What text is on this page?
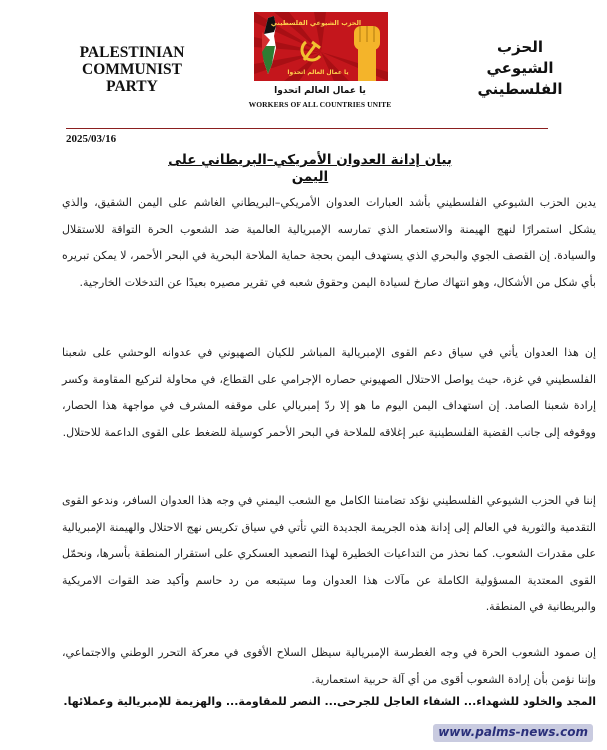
PALESTINIAN COMMUNIST PARTY
الحزب الشيوعي الفلسطيني
يا عمال العالم اتحدوا
الحزب الشيوعي الفلسطيني
يا عمال العالم اتحدوا
WORKERS OF ALL COUNTRIES UNITE
2025/03/16
بيان إدانة العدوان الأمريكي–البريطاني على اليمن

يدين الحزب الشيوعي الفلسطيني بأشد العبارات العدوان الأمريكي–البريطاني الغاشم على اليمن الشقيق، والذي يشكل استمرارًا لنهج الهيمنة والاستعمار الذي تمارسه الإمبريالية العالمية ضد الشعوب الحرة التواقة للاستقلال والسيادة. إن القصف الجوي والبحري الذي يستهدف اليمن بحجة حماية الملاحة البحرية في البحر الأحمر، لا يمكن تبريره بأي شكل من الأشكال، وهو انتهاك صارخ لسيادة اليمن وحقوق شعبه في تقرير مصيره بعيدًا عن التدخلات الخارجية.

إن هذا العدوان يأتي في سياق دعم القوى الإمبريالية المباشر للكيان الصهيوني في عدوانه الوحشي على شعبنا الفلسطيني في غزة، حيث يواصل الاحتلال الصهيوني حصاره الإجرامي على القطاع، في محاولة لتركيع المقاومة وكسر إرادة شعبنا الصامد. إن استهداف اليمن اليوم ما هو إلا ردّ إمبريالي على موقفه المشرف في مواجهة هذا الحصار، ووقوفه إلى جانب القضية الفلسطينية عبر إغلاقه للملاحة في البحر الأحمر كوسيلة للضغط على القوى الداعمة للاحتلال.

إننا في الحزب الشيوعي الفلسطيني نؤكد تضامننا الكامل مع الشعب اليمني في وجه هذا العدوان السافر، وندعو القوى التقدمية والثورية في العالم إلى إدانة هذه الجريمة الجديدة التي تأتي في سياق تكريس نهج الاحتلال والهيمنة الإمبريالية على مقدرات الشعوب. كما نحذر من التداعيات الخطيرة لهذا التصعيد العسكري على استقرار المنطقة بأسرها، ونحمّل القوى المعتدية المسؤولية الكاملة عن مآلات هذا العدوان وما سيتبعه من رد حاسم وأكيد ضد القوات الامريكية والبريطانية في المنطقة.

إن صمود الشعوب الحرة في وجه الغطرسة الإمبريالية سيظل السلاح الأقوى في معركة التحرر الوطني والاجتماعي، وإننا نؤمن بأن إرادة الشعوب أقوى من أي آلة حربية استعمارية.

المجد والخلود للشهداء... الشفاء العاجل للجرحى... النصر للمقاومة... والهزيمة للإمبريالية وعملائها.

www.palms-news.com
